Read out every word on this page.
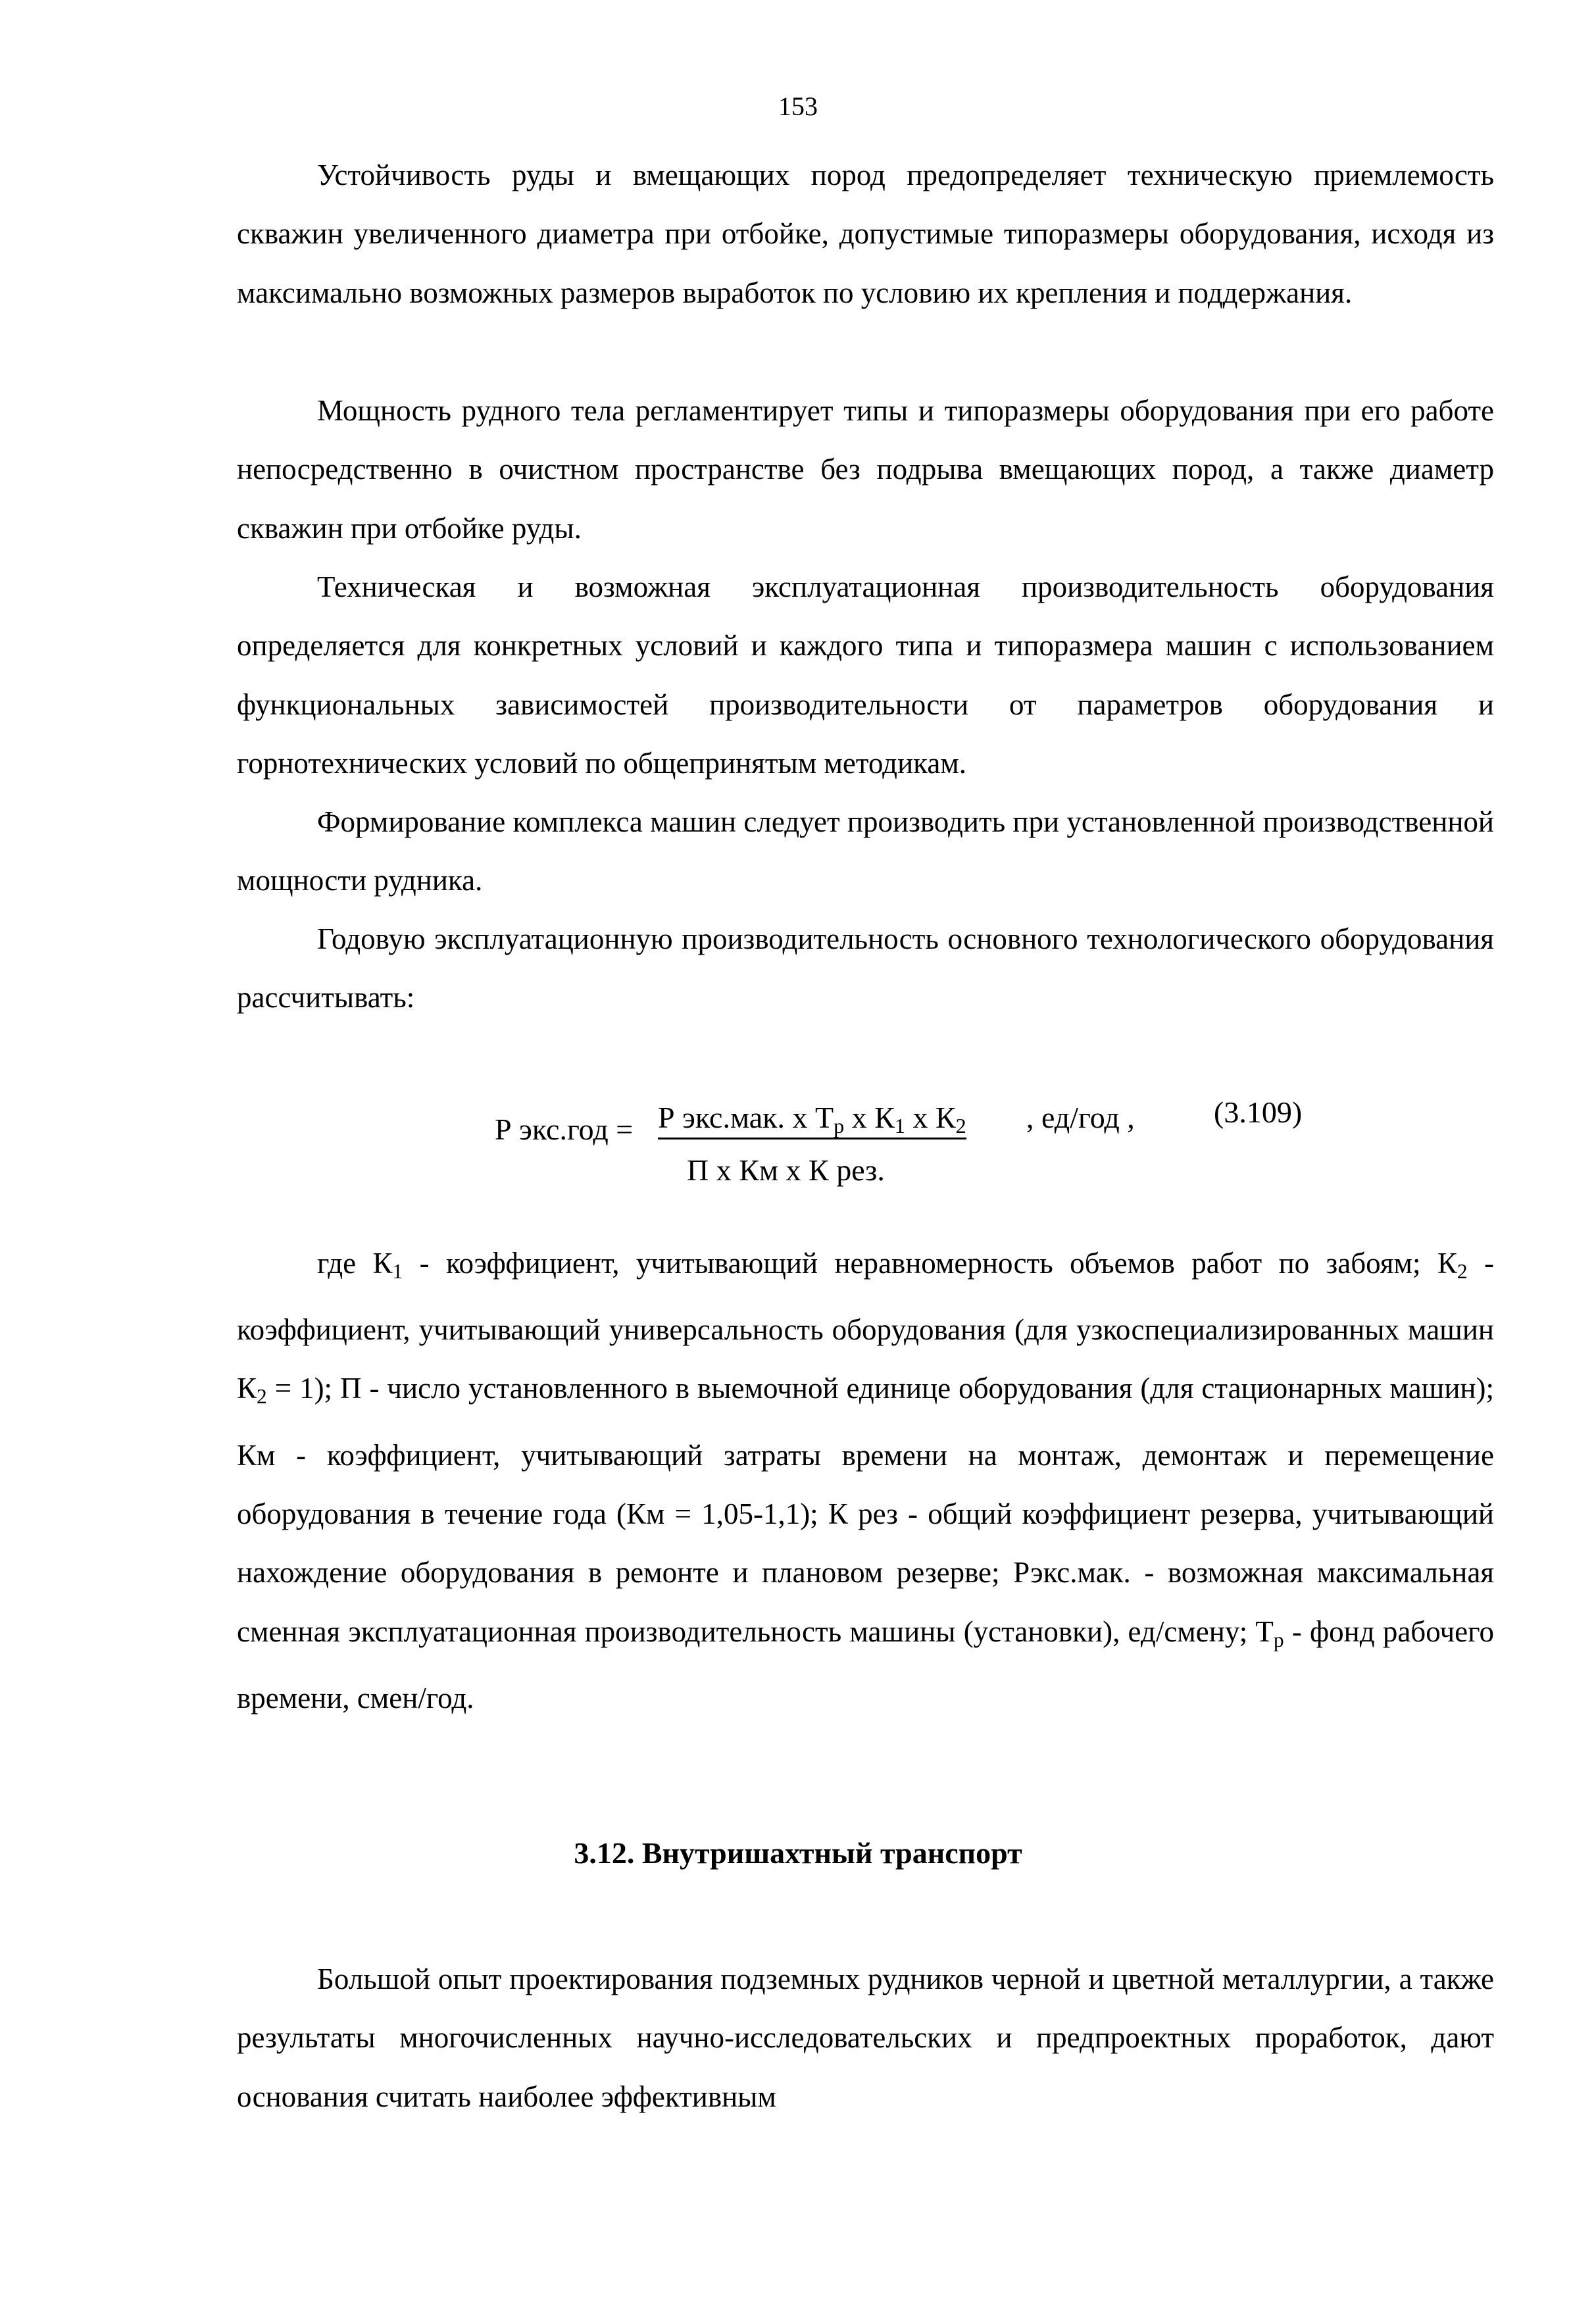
153

Устойчивость руды и вмещающих пород предопределяет техническую приемлемость скважин увеличенного диаметра при отбойке, допустимые типоразмеры оборудования, исходя из максимально возможных размеров выработок по условию их крепления и поддержания.

Мощность рудного тела регламентирует типы и типоразмеры оборудования при его работе непосредственно в очистном пространстве без подрыва вмещающих пород, а также диаметр скважин при отбойке руды.

Техническая и возможная эксплуатационная производительность оборудования определяется для конкретных условий и каждого типа и типоразмера машин с использованием функциональных зависимостей производительности от параметров оборудования и горнотехнических условий по общепринятым методикам.

Формирование комплекса машин следует производить при установленной производственной мощности рудника.

Годовую эксплуатационную производительность основного технологического оборудования рассчитывать:

Р экс.год = Р экс.мак. х $Т_р$ х $К_1$ х $К_2$
П х Км х К рез.
, ед/год ,	(3.109)

где $К_1$ - коэффициент, учитывающий неравномерность объемов работ по забоям; $К_2$ - коэффициент, учитывающий универсальность оборудования (для узкоспециализированных машин $К_2 = 1$); П - число установленного в выемочной единице оборудования (для стационарных машин); Км - коэффициент, учитывающий затраты времени на монтаж, демонтаж и перемещение оборудования в течение года (Км = 1,05-1,1); К рез - общий коэффициент резерва, учитывающий нахождение оборудования в ремонте и плановом резерве; Рэкс.мак. - возможная максимальная сменная эксплуатационная производительность машины (установки), ед/смену; $Т_р$ - фонд рабочего времени, смен/год.

3.12. Внутришахтный транспорт

Большой опыт проектирования подземных рудников черной и цветной металлургии, а также результаты многочисленных научно-исследовательских и предпроектных проработок, дают основания считать наиболее эффективным
